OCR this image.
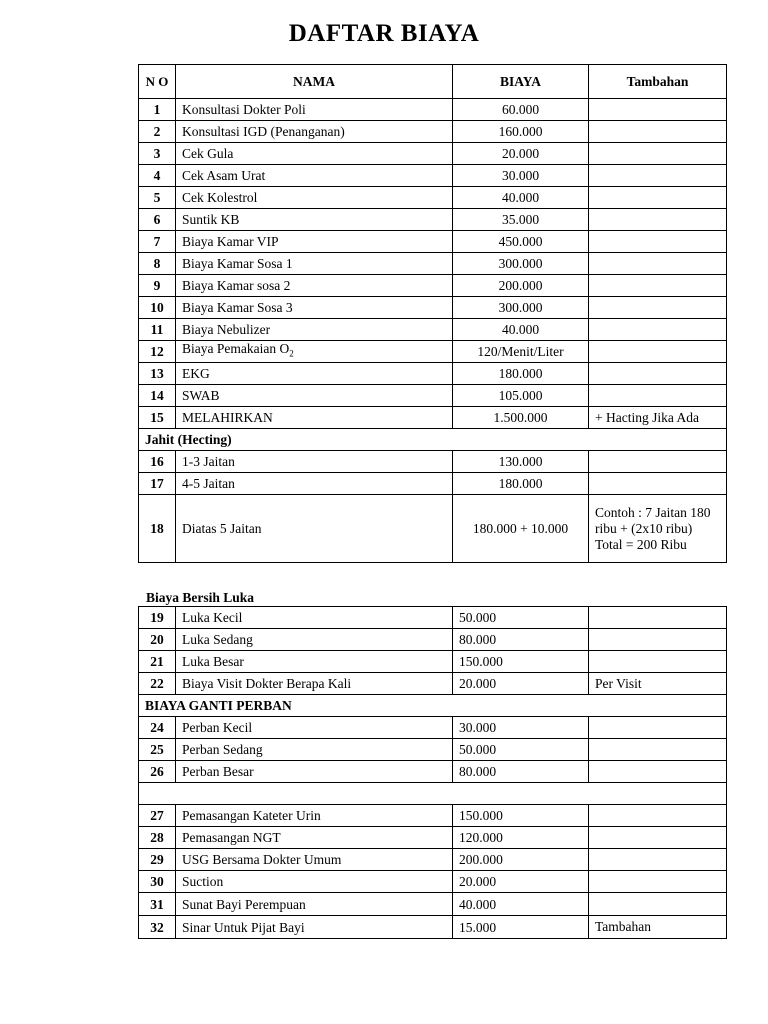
DAFTAR BIAYA
N O	NAMA	BIAYA	Tambahan
1	Konsultasi Dokter Poli	60.000	
2	Konsultasi IGD (Penanganan)	160.000	
3	Cek Gula	20.000	
4	Cek Asam Urat	30.000	
5	Cek Kolestrol	40.000	
6	Suntik KB	35.000	
7	Biaya Kamar VIP	450.000	
8	Biaya Kamar Sosa 1	300.000	
9	Biaya Kamar sosa 2	200.000	
10	Biaya Kamar Sosa 3	300.000	
11	Biaya Nebulizer	40.000	
12	Biaya Pemakaian $O_2$	120/Menit/Liter	
13	EKG	180.000	
14	SWAB	105.000	
15	MELAHIRKAN	1.500.000	+ Hacting Jika Ada
Jahit (Hecting)			
16	1-3 Jaitan	130.000	
17	4-5 Jaitan	180.000	
18	Diatas 5 Jaitan	180.000 + 10.000	Contoh : 7 Jaitan 180 ribu + (2x10 ribu) Total = 200 Ribu
Biaya Bersih Luka
19	Luka Kecil	50.000	
20	Luka Sedang	80.000	
21	Luka Besar	150.000	
22	Biaya Visit Dokter Berapa Kali	20.000	Per Visit
BIAYA GANTI PERBAN			
24	Perban Kecil	30.000	
25	Perban Sedang	50.000	
26	Perban Besar	80.000	

27	Pemasangan Kateter Urin	150.000	
28	Pemasangan NGT	120.000	
29	USG Bersama Dokter Umum	200.000	
30	Suction	20.000	
31	Sunat Bayi Perempuan	40.000	
32	Sinar Untuk Pijat Bayi	15.000	Tambahan
